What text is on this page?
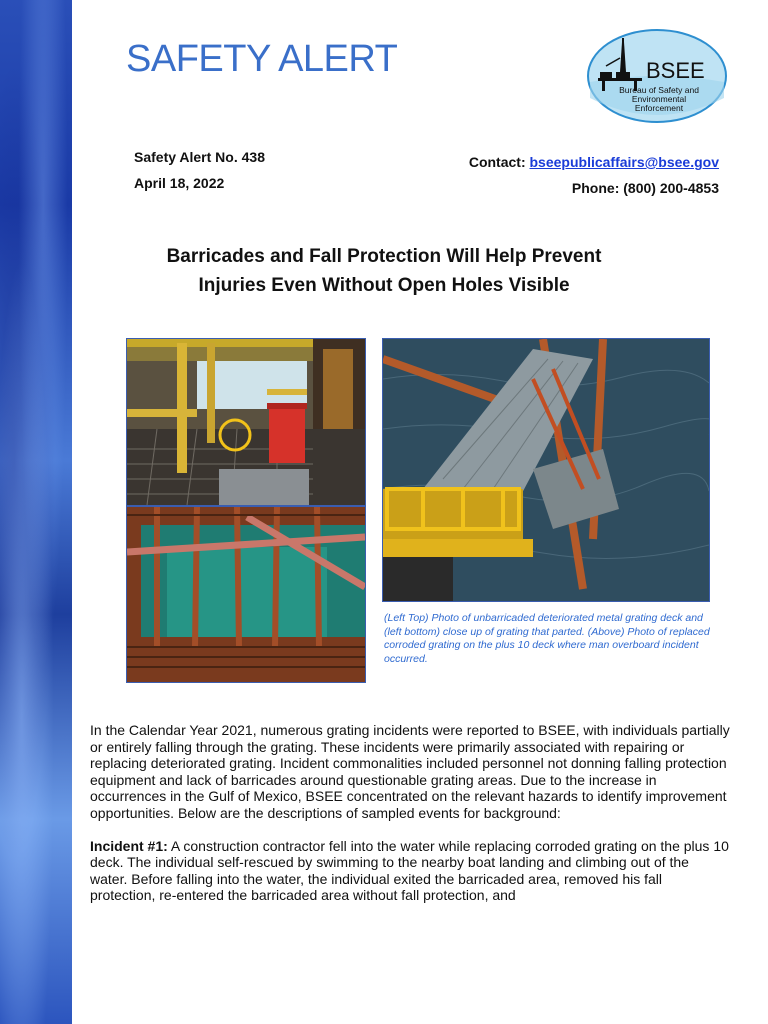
SAFETY ALERT	BSEE
Bureau of Safety and
Environmental
Enforcement
Safety Alert No. 438
April 18, 2022
Contact: bseepublicaffairs@bsee.gov
Phone: (800) 200-4853
Barricades and Fall Protection Will Help Prevent
Injuries Even Without Open Holes Visible
(Left Top) Photo of unbarricaded deteriorated metal grating deck and (left bottom) close up of grating that parted. (Above) Photo of replaced corroded grating on the plus 10 deck where man overboard incident occurred.

In the Calendar Year 2021, numerous grating incidents were reported to BSEE, with individuals partially or entirely falling through the grating. These incidents were primarily associated with repairing or replacing deteriorated grating. Incident commonalities included personnel not donning falling protection equipment and lack of barricades around questionable grating areas. Due to the increase in occurrences in the Gulf of Mexico, BSEE concentrated on the relevant hazards to identify improvement opportunities. Below are the descriptions of sampled events for background:

Incident #1: A construction contractor fell into the water while replacing corroded grating on the plus 10 deck. The individual self-rescued by swimming to the nearby boat landing and climbing out of the water. Before falling into the water, the individual exited the barricaded area, removed his fall protection, re-entered the barricaded area without fall protection, and
